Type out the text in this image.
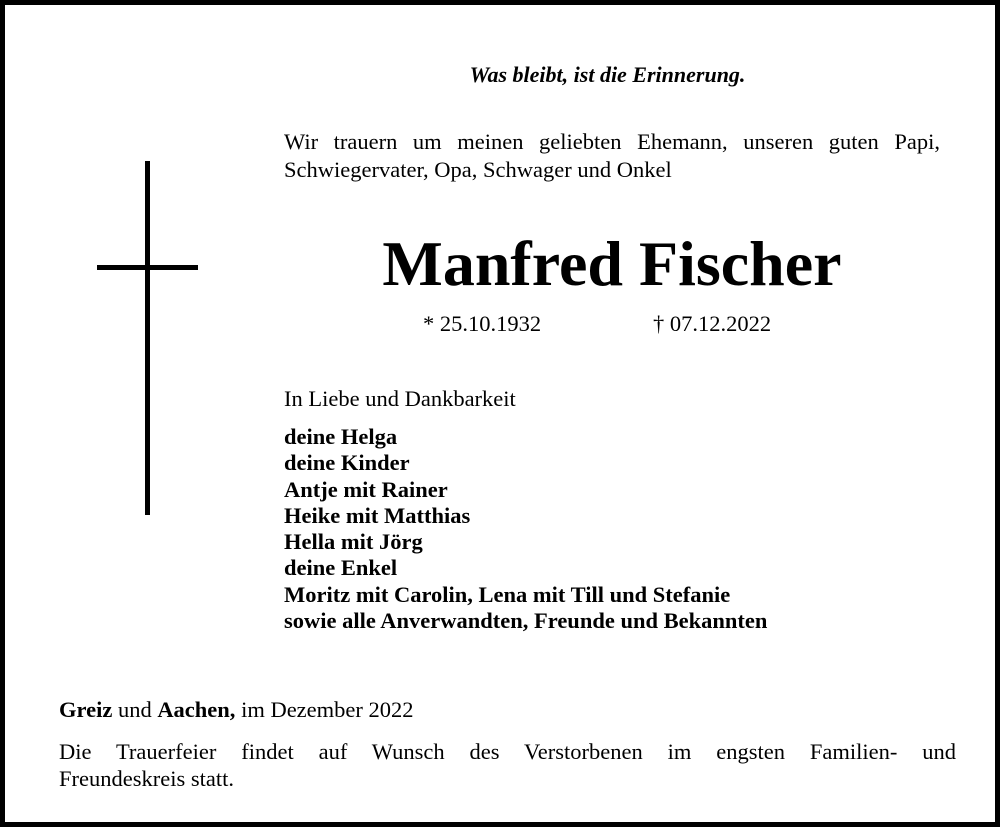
Was bleibt, ist die Erinnerung.
Wir trauern um meinen geliebten Ehemann, unseren guten Papi, Schwiegervater, Opa, Schwager und Onkel
Manfred Fischer
* 25.10.1932	† 07.12.2022
In Liebe und Dankbarkeit
deine Helga
deine Kinder
Antje mit Rainer
Heike mit Matthias
Hella mit Jörg
deine Enkel
Moritz mit Carolin, Lena mit Till und Stefanie
sowie alle Anverwandten, Freunde und Bekannten
Greiz und Aachen, im Dezember 2022
Die Trauerfeier findet auf Wunsch des Verstorbenen im engsten Familien- und
Freundeskreis statt.
